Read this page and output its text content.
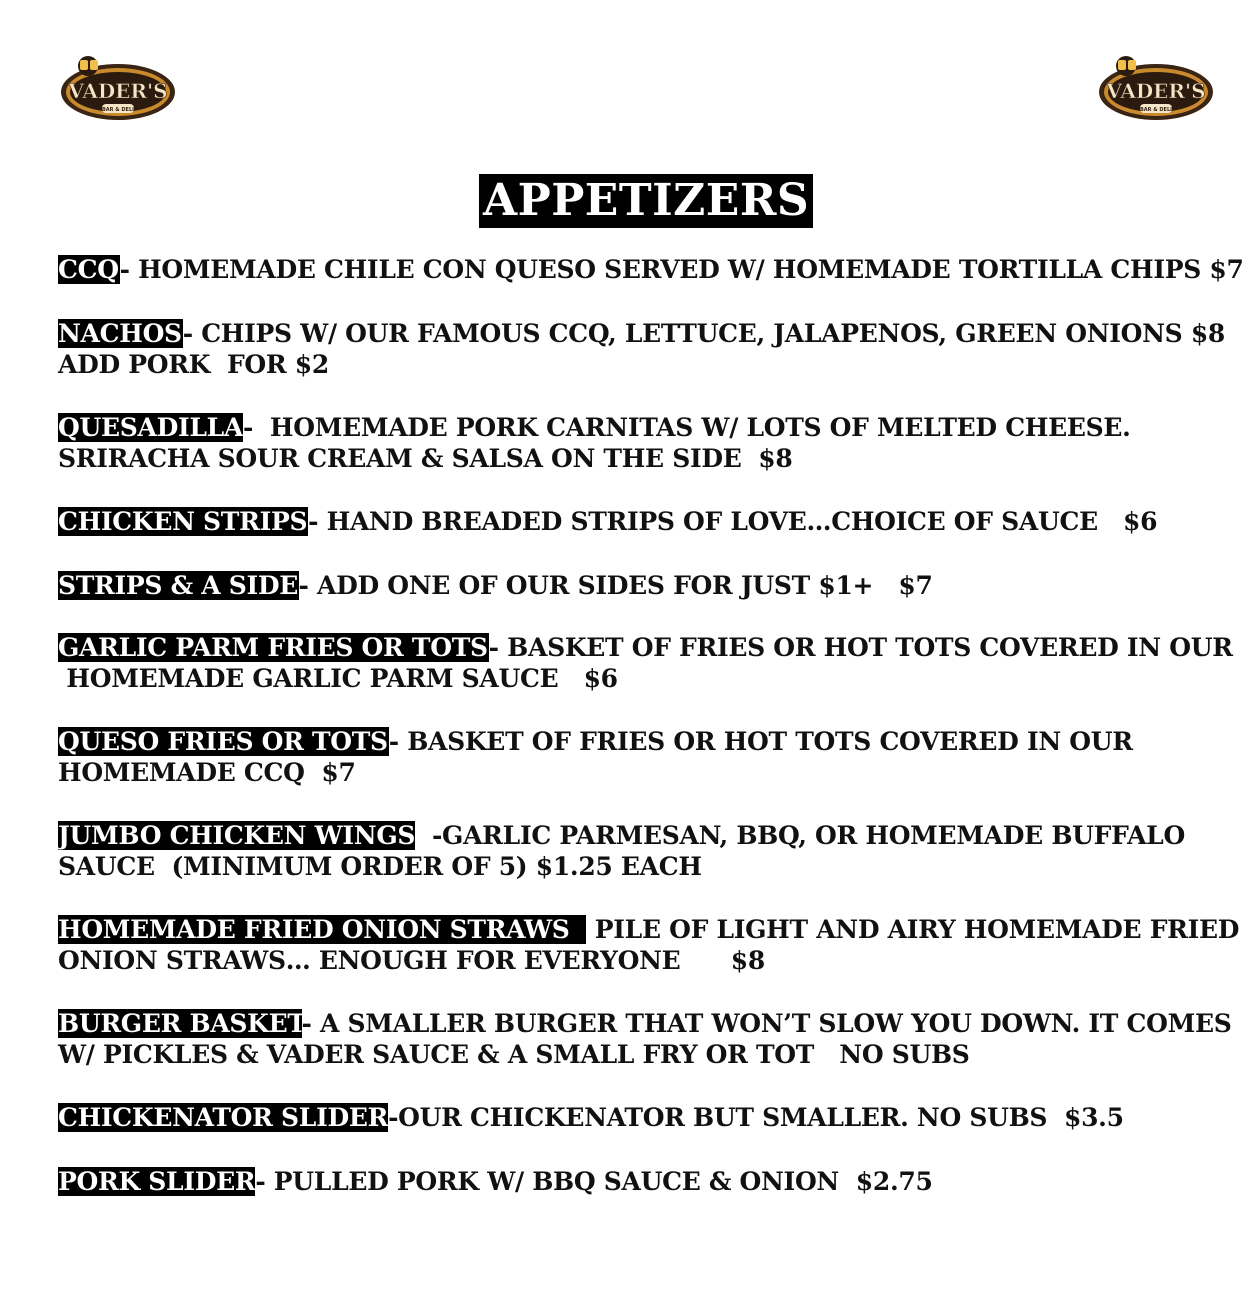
VADER'S
BAR & DELI
VADER'S
BAR & DELI
APPETIZERS
CCQ- HOMEMADE CHILE CON QUESO SERVED W/ HOMEMADE TORTILLA CHIPS $7
NACHOS- CHIPS W/ OUR FAMOUS CCQ, LETTUCE, JALAPENOS, GREEN ONIONS $8
ADD PORK  FOR $2
QUESADILLA-  HOMEMADE PORK CARNITAS W/ LOTS OF MELTED CHEESE.
SRIRACHA SOUR CREAM & SALSA ON THE SIDE  $8
CHICKEN STRIPS- HAND BREADED STRIPS OF LOVE…CHOICE OF SAUCE   $6
STRIPS & A SIDE- ADD ONE OF OUR SIDES FOR JUST $1+   $7
GARLIC PARM FRIES OR TOTS- BASKET OF FRIES OR HOT TOTS COVERED IN OUR
HOMEMADE GARLIC PARM SAUCE   $6
QUESO FRIES OR TOTS- BASKET OF FRIES OR HOT TOTS COVERED IN OUR
HOMEMADE CCQ  $7
JUMBO CHICKEN WINGS  -GARLIC PARMESAN, BBQ, OR HOMEMADE BUFFALO
SAUCE  (MINIMUM ORDER OF 5) $1.25 EACH
HOMEMADE FRIED ONION STRAWS   PILE OF LIGHT AND AIRY HOMEMADE FRIED
ONION STRAWS… ENOUGH FOR EVERYONE      $8
BURGER BASKET- A SMALLER BURGER THAT WON’T SLOW YOU DOWN. IT COMES
W/ PICKLES & VADER SAUCE & A SMALL FRY OR TOT   NO SUBS
CHICKENATOR SLIDER-OUR CHICKENATOR BUT SMALLER. NO SUBS  $3.5
PORK SLIDER- PULLED PORK W/ BBQ SAUCE & ONION  $2.75
